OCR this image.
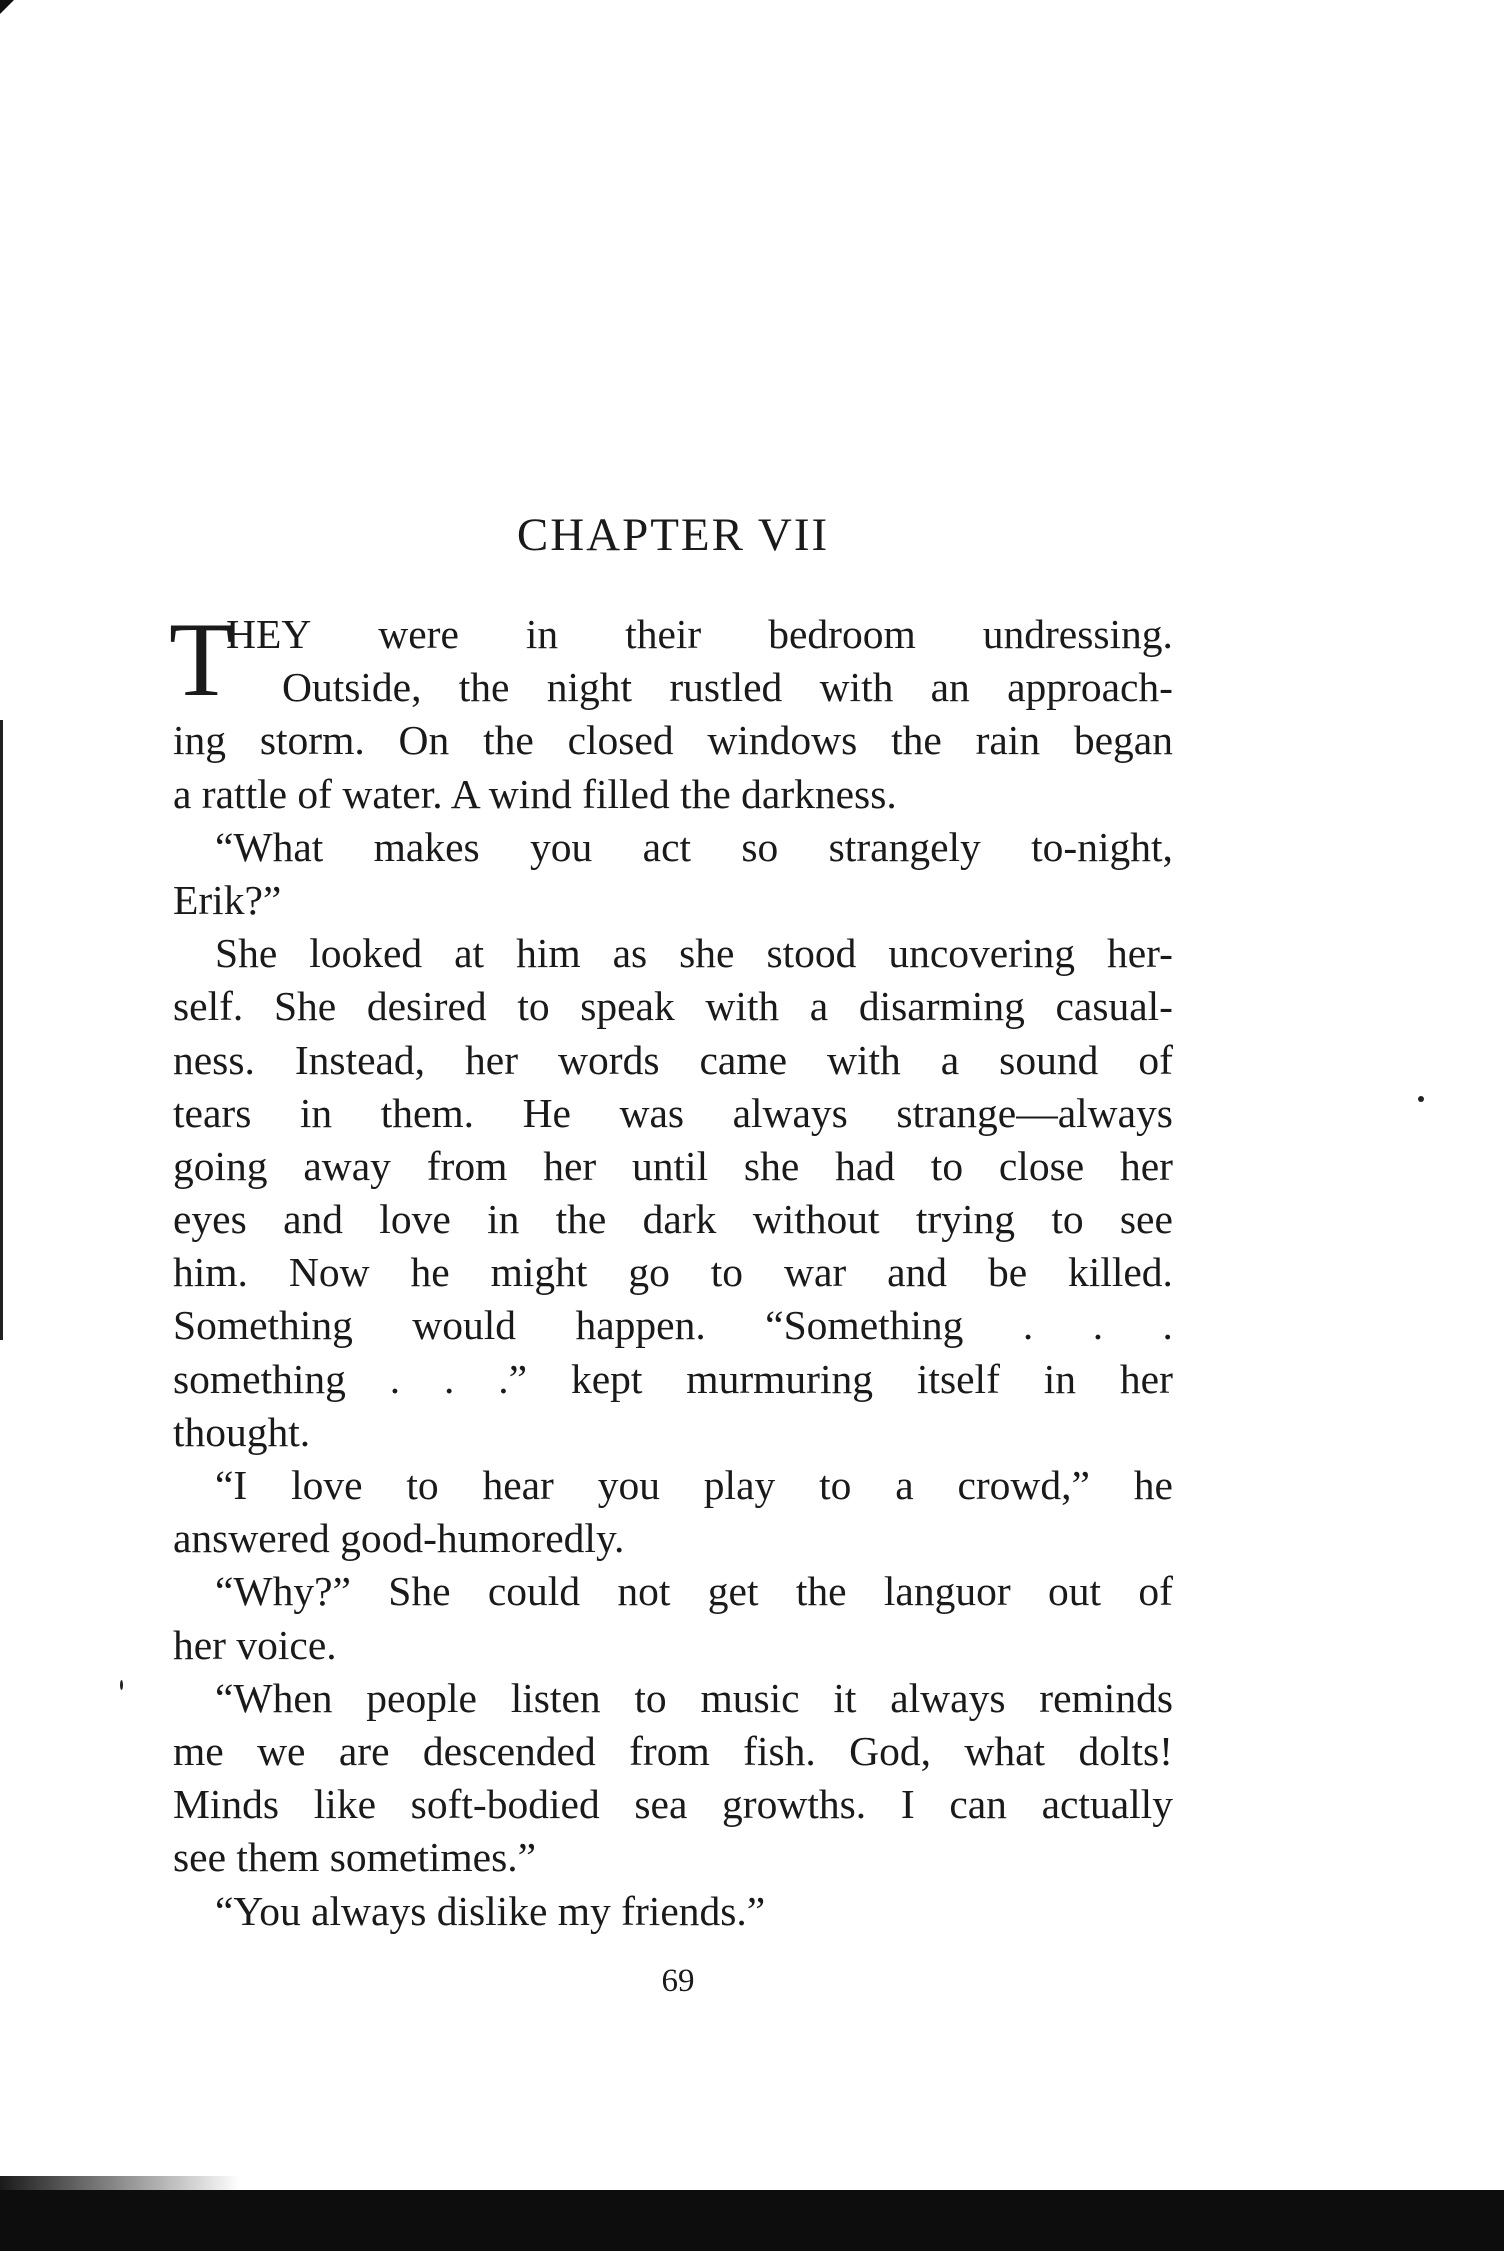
CHAPTER VII
T
HEY were in their bedroom undressing.
Outside, the night rustled with an approach-
ing storm. On the closed windows the rain began
a rattle of water. A wind filled the darkness.
“What makes you act so strangely to-night,
Erik?”
She looked at him as she stood uncovering her-
self. She desired to speak with a disarming casual-
ness. Instead, her words came with a sound of
tears in them. He was always strange—always
going away from her until she had to close her
eyes and love in the dark without trying to see
him. Now he might go to war and be killed.
Something would happen. “Something . . .
something . . .” kept murmuring itself in her
thought.
“I love to hear you play to a crowd,” he
answered good-humoredly.
“Why?” She could not get the languor out of
her voice.
“When people listen to music it always reminds
me we are descended from fish. God, what dolts!
Minds like soft-bodied sea growths. I can actually
see them sometimes.”
“You always dislike my friends.”
69
